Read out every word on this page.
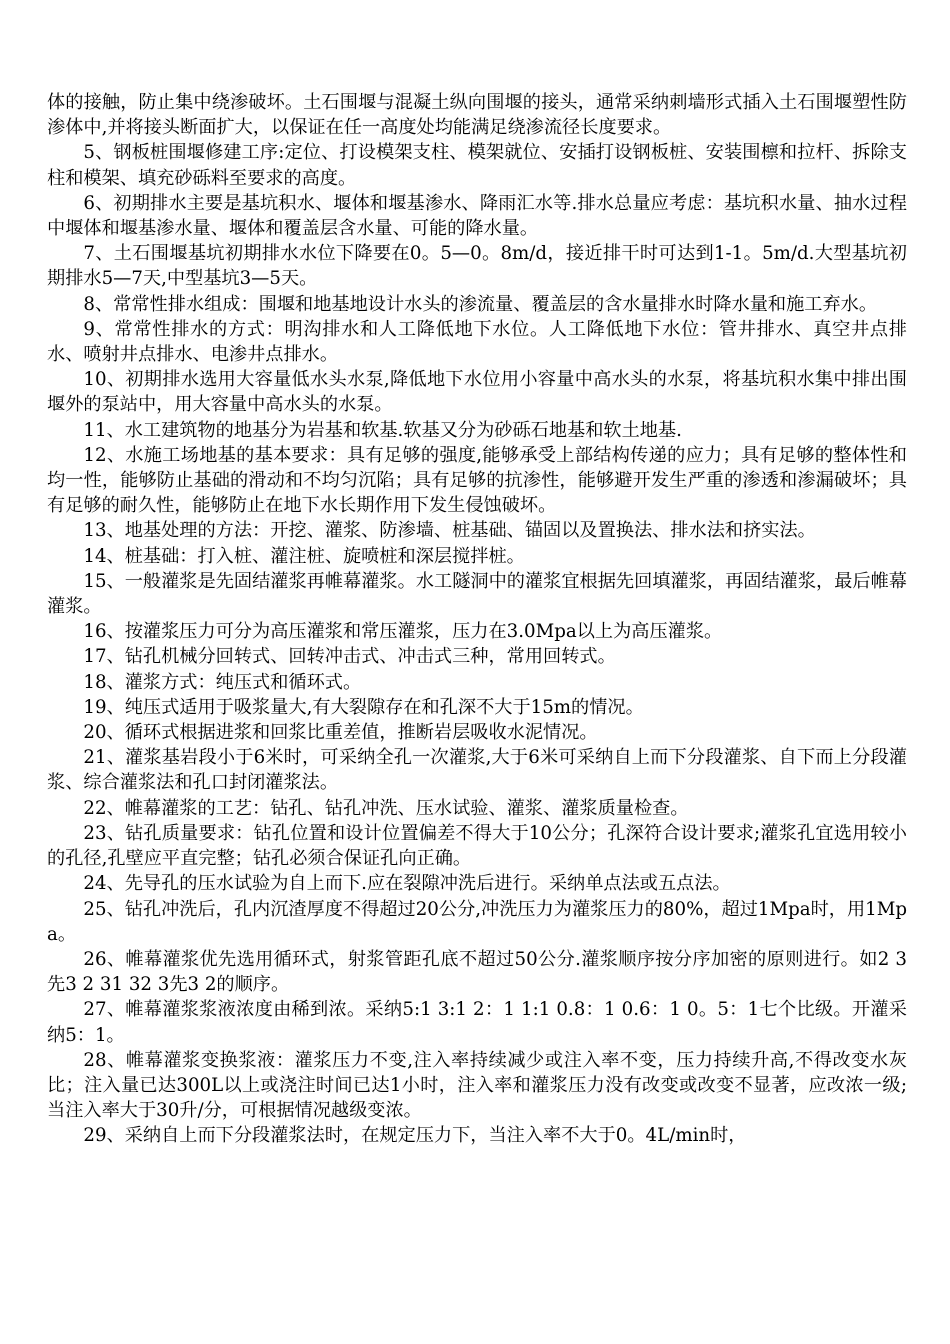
体的接触，防止集中绕渗破坏。土石围堰与混凝土纵向围堰的接头，通常采纳刺墙形式插入土石围堰塑性防渗体中,并将接头断面扩大，以保证在任一高度处均能满足绕渗流径长度要求。

5、钢板桩围堰修建工序:定位、打设模架支柱、模架就位、安插打设钢板桩、安装围檩和拉杆、拆除支柱和模架、填充砂砾料至要求的高度。

6、初期排水主要是基坑积水、堰体和堰基渗水、降雨汇水等.排水总量应考虑：基坑积水量、抽水过程中堰体和堰基渗水量、堰体和覆盖层含水量、可能的降水量。

7、土石围堰基坑初期排水水位下降要在0。5—0。8m/d，接近排干时可达到1-1。5m/d.大型基坑初期排水5—7天,中型基坑3—5天。

8、常常性排水组成：围堰和地基地设计水头的渗流量、覆盖层的含水量排水时降水量和施工弃水。

9、常常性排水的方式：明沟排水和人工降低地下水位。人工降低地下水位：管井排水、真空井点排水、喷射井点排水、电渗井点排水。

10、初期排水选用大容量低水头水泵,降低地下水位用小容量中高水头的水泵，将基坑积水集中排出围堰外的泵站中，用大容量中高水头的水泵。

11、水工建筑物的地基分为岩基和软基.软基又分为砂砾石地基和软土地基.

12、水施工场地基的基本要求：具有足够的强度,能够承受上部结构传递的应力；具有足够的整体性和均一性，能够防止基础的滑动和不均匀沉陷；具有足够的抗渗性，能够避开发生严重的渗透和渗漏破坏；具有足够的耐久性，能够防止在地下水长期作用下发生侵蚀破坏。

13、地基处理的方法：开挖、灌浆、防渗墙、桩基础、锚固以及置换法、排水法和挤实法。

14、桩基础：打入桩、灌注桩、旋喷桩和深层搅拌桩。

15、一般灌浆是先固结灌浆再帷幕灌浆。水工隧洞中的灌浆宜根据先回填灌浆，再固结灌浆，最后帷幕灌浆。

16、按灌浆压力可分为高压灌浆和常压灌浆，压力在3.0Mpa以上为高压灌浆。

17、钻孔机械分回转式、回转冲击式、冲击式三种，常用回转式。

18、灌浆方式：纯压式和循环式。

19、纯压式适用于吸浆量大,有大裂隙存在和孔深不大于15m的情况。

20、循环式根据进浆和回浆比重差值，推断岩层吸收水泥情况。

21、灌浆基岩段小于6米时，可采纳全孔一次灌浆,大于6米可采纳自上而下分段灌浆、自下而上分段灌浆、综合灌浆法和孔口封闭灌浆法。

22、帷幕灌浆的工艺：钻孔、钻孔冲洗、压水试验、灌浆、灌浆质量检查。

23、钻孔质量要求：钻孔位置和设计位置偏差不得大于10公分；孔深符合设计要求;灌浆孔宜选用较小的孔径,孔壁应平直完整；钻孔必须合保证孔向正确。

24、先导孔的压水试验为自上而下.应在裂隙冲洗后进行。采纳单点法或五点法。

25、钻孔冲洗后，孔内沉渣厚度不得超过20公分,冲洗压力为灌浆压力的80%，超过1Mpa时，用1Mpa。

26、帷幕灌浆优先选用循环式，射浆管距孔底不超过50公分.灌浆顺序按分序加密的原则进行。如2 3先3 2 31 32 3先3 2的顺序。

27、帷幕灌浆浆液浓度由稀到浓。采纳5:1 3:1 2：1 1:1 0.8：1 0.6：1 0。5：1七个比级。开灌采纳5：1。

28、帷幕灌浆变换浆液：灌浆压力不变,注入率持续减少或注入率不变，压力持续升高,不得改变水灰比；注入量已达300L以上或浇注时间已达1小时，注入率和灌浆压力没有改变或改变不显著，应改浓一级;当注入率大于30升/分，可根据情况越级变浓。

29、采纳自上而下分段灌浆法时，在规定压力下，当注入率不大于0。4L/min时，
